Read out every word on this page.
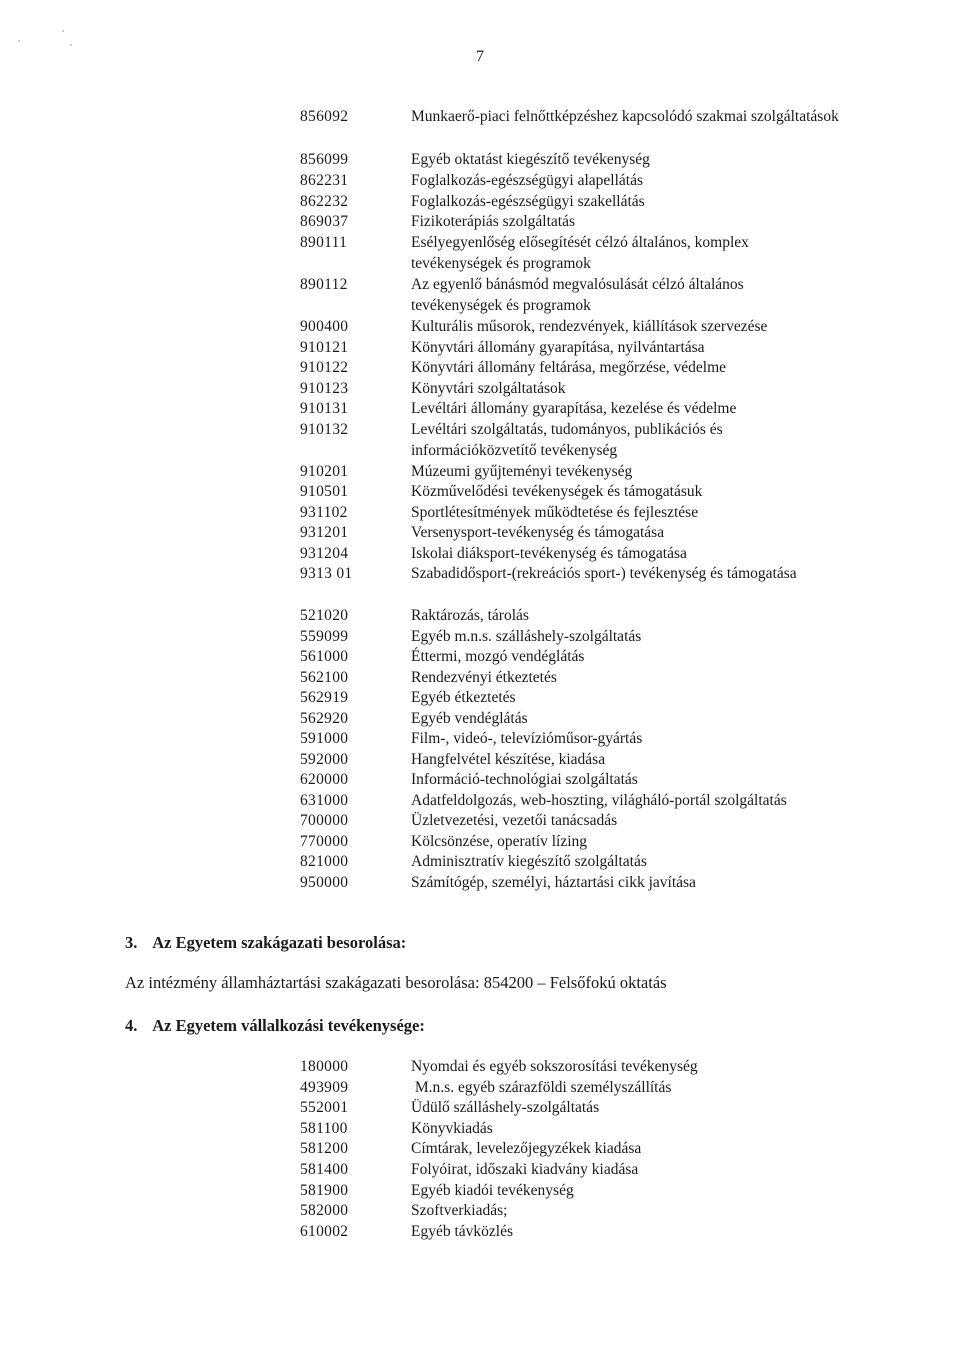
7
856092	Munkaerő-piaci felnőttképzéshez kapcsolódó szakmai szolgáltatások
856099	Egyéb oktatást kiegészítő tevékenység
862231	Foglalkozás-egészségügyi alapellátás
862232	Foglalkozás-egészségügyi szakellátás
869037	Fizikoterápiás szolgáltatás
890111	Esélyegyenlőség elősegítését célzó általános, komplex tevékenységek és programok
890112	Az egyenlő bánásmód megvalósulását célzó általános tevékenységek és programok
900400	Kulturális műsorok, rendezvények, kiállítások szervezése
910121	Könyvtári állomány gyarapítása, nyilvántartása
910122	Könyvtári állomány feltárása, megőrzése, védelme
910123	Könyvtári szolgáltatások
910131	Levéltári állomány gyarapítása, kezelése és védelme
910132	Levéltári szolgáltatás, tudományos, publikációs és információközvetítő tevékenység
910201	Múzeumi gyűjteményi tevékenység
910501	Közművelődési tevékenységek és támogatásuk
931102	Sportlétesítmények működtetése és fejlesztése
931201	Versenysport-tevékenység és támogatása
931204	Iskolai diáksport-tevékenység és támogatása
9313 01	Szabadidősport-(rekreációs sport-) tevékenység és támogatása
521020	Raktározás, tárolás
559099	Egyéb m.n.s. szálláshely-szolgáltatás
561000	Éttermi, mozgó vendéglátás
562100	Rendezvényi étkeztetés
562919	Egyéb étkeztetés
562920	Egyéb vendéglátás
591000	Film-, videó-, televízióműsor-gyártás
592000	Hangfelvétel készítése, kiadása
620000	Információ-technológiai szolgáltatás
631000	Adatfeldolgozás, web-hoszting, világháló-portál szolgáltatás
700000	Üzletvezetési, vezetői tanácsadás
770000	Kölcsönzése, operatív lízing
821000	Adminisztratív kiegészítő szolgáltatás
950000	Számítógép, személyi, háztartási cikk javítása
3. Az Egyetem szakágazati besorolása:
Az intézmény államháztartási szakágazati besorolása: 854200 – Felsőfokú oktatás
4. Az Egyetem vállalkozási tevékenysége:
180000	Nyomdai és egyéb sokszorosítási tevékenység
493909	M.n.s. egyéb szárazföldi személyszállítás
552001	Üdülő szálláshely-szolgáltatás
581100	Könyvkiadás
581200	Címtárak, levelezőjegyzékek kiadása
581400	Folyóirat, időszaki kiadvány kiadása
581900	Egyéb kiadói tevékenység
582000	Szoftverkiadás;
610002	Egyéb távközlés
